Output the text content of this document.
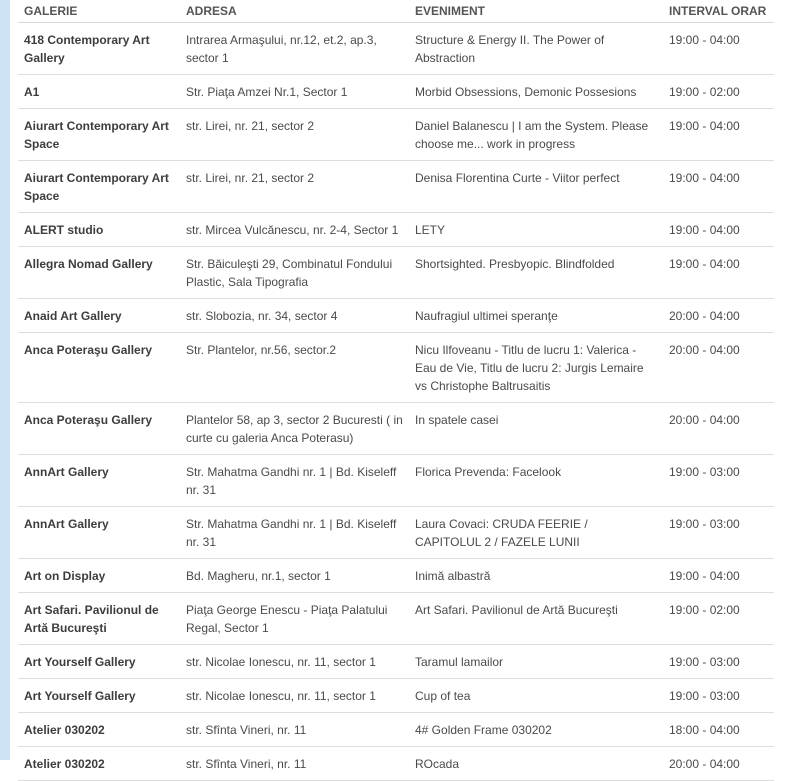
GALERIE	ADRESA	EVENIMENT	INTERVAL ORAR
418 Contemporary Art Gallery	Intrarea Armaşului, nr.12, et.2, ap.3, sector 1	Structure & Energy II. The Power of Abstraction	19:00 - 04:00
A1	Str. Piaţa Amzei Nr.1, Sector 1	Morbid Obsessions, Demonic Possesions	19:00 - 02:00
Aiurart Contemporary Art Space	str. Lirei, nr. 21, sector 2	Daniel Balanescu | I am the System. Please choose me... work in progress	19:00 - 04:00
Aiurart Contemporary Art Space	str. Lirei, nr. 21, sector 2	Denisa Florentina Curte - Viitor perfect	19:00 - 04:00
ALERT studio	str. Mircea Vulcănescu, nr. 2-4, Sector 1	LETY	19:00 - 04:00
Allegra Nomad Gallery	Str. Băiculeşti 29, Combinatul Fondului Plastic, Sala Tipografia	Shortsighted. Presbyopic. Blindfolded	19:00 - 04:00
Anaid Art Gallery	str. Slobozia, nr. 34, sector 4	Naufragiul ultimei speranţe	20:00 - 04:00
Anca Poteraşu Gallery	Str. Plantelor, nr.56, sector.2	Nicu Ilfoveanu - Titlu de lucru 1: Valerica - Eau de Vie, Titlu de lucru 2: Jurgis Lemaire vs Christophe Baltrusaitis	20:00 - 04:00
Anca Poteraşu Gallery	Plantelor 58, ap 3, sector 2 Bucuresti ( in curte cu galeria Anca Poterasu)	In spatele casei	20:00 - 04:00
AnnArt Gallery	Str. Mahatma Gandhi nr. 1 | Bd. Kiseleff nr. 31	Florica Prevenda: Facelook	19:00 - 03:00
AnnArt Gallery	Str. Mahatma Gandhi nr. 1 | Bd. Kiseleff nr. 31	Laura Covaci: CRUDA FEERIE / CAPITOLUL 2 / FAZELE LUNII	19:00 - 03:00
Art on Display	Bd. Magheru, nr.1, sector 1	Inimă albastră	19:00 - 04:00
Art Safari. Pavilionul de Artă Bucureşti	Piaţa George Enescu - Piaţa Palatului Regal, Sector 1	Art Safari. Pavilionul de Artă Bucureşti	19:00 - 02:00
Art Yourself Gallery	str. Nicolae Ionescu, nr. 11, sector 1	Taramul lamailor	19:00 - 03:00
Art Yourself Gallery	str. Nicolae Ionescu, nr. 11, sector 1	Cup of tea	19:00 - 03:00
Atelier 030202	str. Sfînta Vineri, nr. 11	4# Golden Frame 030202	18:00 - 04:00
Atelier 030202	str. Sfînta Vineri, nr. 11	ROcada	20:00 - 04:00
